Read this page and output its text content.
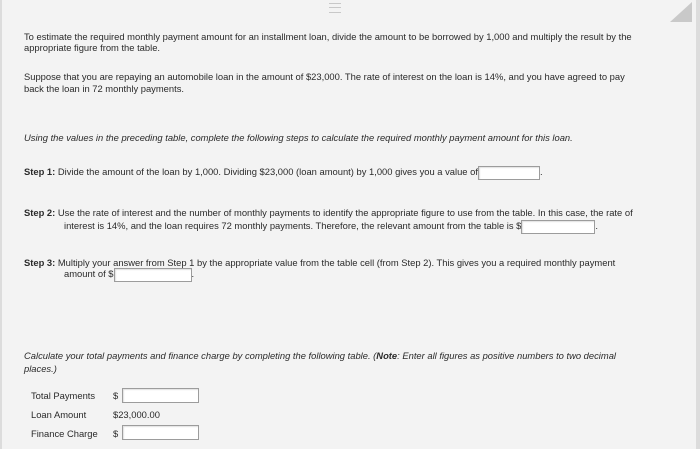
To estimate the required monthly payment amount for an installment loan, divide the amount to be borrowed by 1,000 and multiply the result by the

appropriate figure from the table.

Suppose that you are repaying an automobile loan in the amount of $23,000. The rate of interest on the loan is 14%, and you have agreed to pay

back the loan in 72 monthly payments.

Using the values in the preceding table, complete the following steps to calculate the required monthly payment amount for this loan.

Step 1: Divide the amount of the loan by 1,000. Dividing $23,000 (loan amount) by 1,000 gives you a value of	.

Step 2: Use the rate of interest and the number of monthly payments to identify the appropriate figure to use from the table. In this case, the rate of

interest is 14%, and the loan requires 72 monthly payments. Therefore, the relevant amount from the table is $	.

Step 3: Multiply your answer from Step 1 by the appropriate value from the table cell (from Step 2). This gives you a required monthly payment

amount of $	.

Calculate your total payments and finance charge by completing the following table. (Note: Enter all figures as positive numbers to two decimal

places.)

Total Payments $
Loan Amount	$23,000.00
Finance Charge $
